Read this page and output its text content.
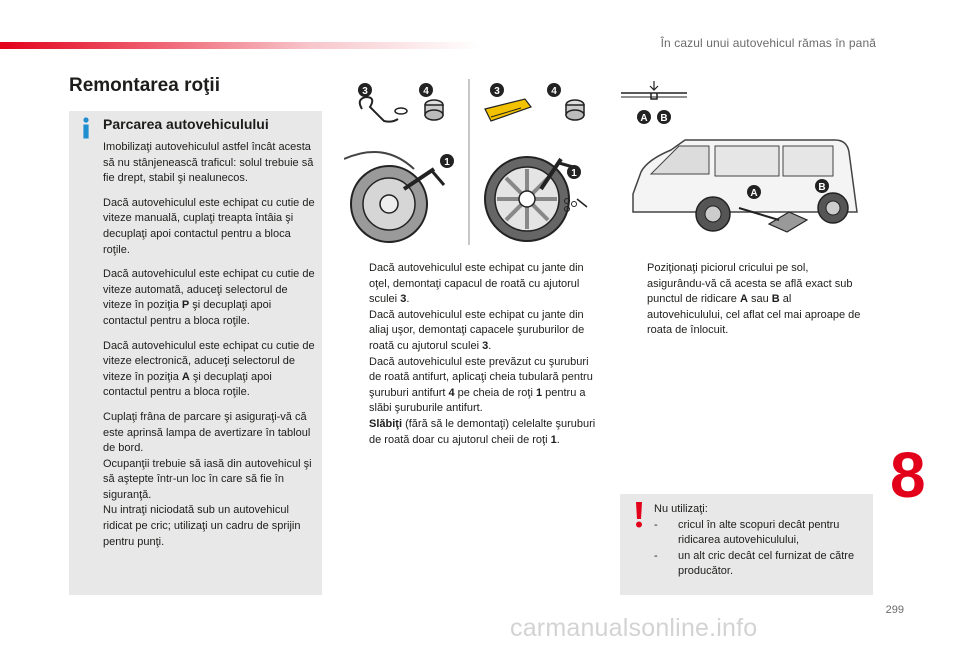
În cazul unui autovehicul rămas în pană
Remontarea roţii
Parcarea autovehiculului

Imobilizaţi autovehiculul astfel încât acesta să nu stânjenească traficul: solul trebuie să fie drept, stabil şi nealunecos.

Dacă autovehiculul este echipat cu cutie de viteze manuală, cuplaţi treapta întâia şi decuplaţi apoi contactul pentru a bloca roţile.

Dacă autovehiculul este echipat cu cutie de viteze automată, aduceţi selectorul de viteze în poziţia P şi decuplaţi apoi contactul pentru a bloca roţile.

Dacă autovehiculul este echipat cu cutie de viteze electronică, aduceţi selectorul de viteze în poziţia A şi decuplaţi apoi contactul pentru a bloca roţile.

Cuplaţi frâna de parcare şi asiguraţi-vă că este aprinsă lampa de avertizare în tabloul de bord.
Ocupanţii trebuie să iasă din autovehicul şi să aştepte într-un loc în care să fie în siguranţă.
Nu intraţi niciodată sub un autovehicul ridicat pe cric; utilizaţi un cadru de sprijin pentru punţi.

3	4
1
3	4
1
A B
A
B

Dacă autovehiculul este echipat cu jante din oţel, demontaţi capacul de roată cu ajutorul sculei 3.

Dacă autovehiculul este echipat cu jante din aliaj uşor, demontaţi capacele şuruburilor de roată cu ajutorul sculei 3.

Dacă autovehiculul este prevăzut cu şuruburi de roată antifurt, aplicaţi cheia tubulară pentru şuruburi antifurt 4 pe cheia de roţi 1 pentru a slăbi şuruburile antifurt.

Slăbiţi (fără să le demontaţi) celelalte şuruburi de roată doar cu ajutorul cheii de roţi 1.

Poziţionaţi piciorul cricului pe sol, asigurându-vă că acesta se află exact sub punctul de ridicare A sau B al autovehiculului, cel aflat cel mai aproape de roata de înlocuit.

Nu utilizaţi:
- cricul în alte scopuri decât pentru ridicarea autovehiculului,
- un alt cric decât cel furnizat de către producător.
8
299
carmanualsonline.info
